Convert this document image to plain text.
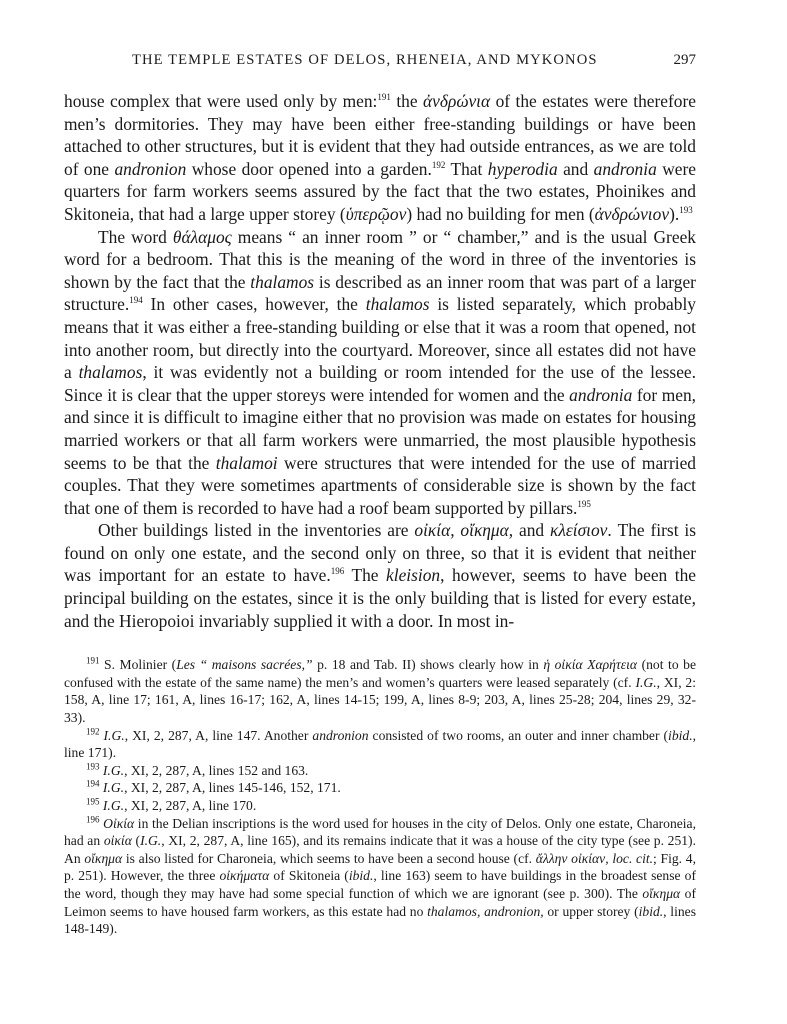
THE TEMPLE ESTATES OF DELOS, RHENEIA, AND MYKONOS	297

house complex that were used only by men:$^{191}$ the ἀνδρώνια of the estates were therefore men’s dormitories. They may have been either free-standing buildings or have been attached to other structures, but it is evident that they had outside entrances, as we are told of one andronion whose door opened into a garden.$^{192}$ That hyperodia and andronia were quarters for farm workers seems assured by the fact that the two estates, Phoinikes and Skitoneia, that had a large upper storey (ὑπερῷον) had no building for men (ἀνδρώνιον).$^{193}$

The word θάλαμος means “ an inner room ” or “ chamber,” and is the usual Greek word for a bedroom. That this is the meaning of the word in three of the inventories is shown by the fact that the thalamos is described as an inner room that was part of a larger structure.$^{194}$ In other cases, however, the thalamos is listed separately, which probably means that it was either a free-standing building or else that it was a room that opened, not into another room, but directly into the courtyard. Moreover, since all estates did not have a thalamos, it was evidently not a building or room intended for the use of the lessee. Since it is clear that the upper storeys were intended for women and the andronia for men, and since it is difficult to imagine either that no provision was made on estates for housing married workers or that all farm workers were unmarried, the most plausible hypothesis seems to be that the thalamoi were structures that were intended for the use of married couples. That they were sometimes apartments of considerable size is shown by the fact that one of them is recorded to have had a roof beam supported by pillars.$^{195}$

Other buildings listed in the inventories are οἰκία, οἴκημα, and κλείσιον. The first is found on only one estate, and the second only on three, so that it is evident that neither was important for an estate to have.$^{196}$ The kleision, however, seems to have been the principal building on the estates, since it is the only building that is listed for every estate, and the Hieropoioi invariably supplied it with a door. In most in-

$^{191}$ S. Molinier (Les “ maisons sacrées,” p. 18 and Tab. II) shows clearly how in ἡ οἰκία Χαρήτεια (not to be confused with the estate of the same name) the men’s and women’s quarters were leased separately (cf. I.G., XI, 2: 158, A, line 17; 161, A, lines 16-17; 162, A, lines 14-15; 199, A, lines 8-9; 203, A, lines 25-28; 204, lines 29, 32-33).

$^{192}$ I.G., XI, 2, 287, A, line 147. Another andronion consisted of two rooms, an outer and inner chamber (ibid., line 171).

$^{193}$ I.G., XI, 2, 287, A, lines 152 and 163.

$^{194}$ I.G., XI, 2, 287, A, lines 145-146, 152, 171.

$^{195}$ I.G., XI, 2, 287, A, line 170.

$^{196}$ Οἰκία in the Delian inscriptions is the word used for houses in the city of Delos. Only one estate, Charoneia, had an οἰκία (I.G., XI, 2, 287, A, line 165), and its remains indicate that it was a house of the city type (see p. 251). An οἴκημα is also listed for Charoneia, which seems to have been a second house (cf. ἄλλην οἰκίαν, loc. cit.; Fig. 4, p. 251). However, the three οἰκήματα of Skitoneia (ibid., line 163) seem to have buildings in the broadest sense of the word, though they may have had some special function of which we are ignorant (see p. 300). The οἴκημα of Leimon seems to have housed farm workers, as this estate had no thalamos, andronion, or upper storey (ibid., lines 148-149).
